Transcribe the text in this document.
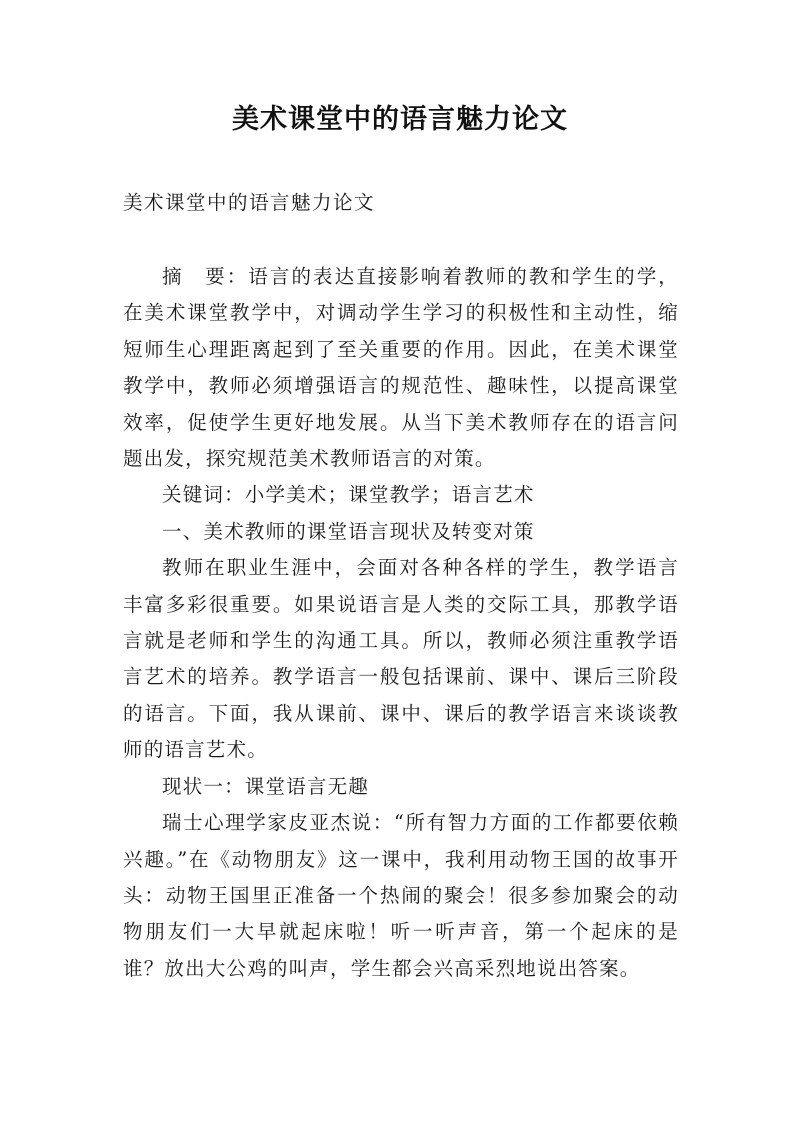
美术课堂中的语言魅力论文
美术课堂中的语言魅力论文

摘　要：语言的表达直接影响着教师的教和学生的学，在美术课堂教学中，对调动学生学习的积极性和主动性，缩短师生心理距离起到了至关重要的作用。因此，在美术课堂教学中，教师必须增强语言的规范性、趣味性，以提高课堂效率，促使学生更好地发展。从当下美术教师存在的语言问题出发，探究规范美术教师语言的对策。

关键词：小学美术；课堂教学；语言艺术

一、美术教师的课堂语言现状及转变对策

教师在职业生涯中，会面对各种各样的学生，教学语言丰富多彩很重要。如果说语言是人类的交际工具，那教学语言就是老师和学生的沟通工具。所以，教师必须注重教学语言艺术的培养。教学语言一般包括课前、课中、课后三阶段的语言。下面，我从课前、课中、课后的教学语言来谈谈教师的语言艺术。

现状一：课堂语言无趣

瑞士心理学家皮亚杰说：“所有智力方面的工作都要依赖兴趣。”在《动物朋友》这一课中，我利用动物王国的故事开头：动物王国里正准备一个热闹的聚会！很多参加聚会的动物朋友们一大早就起床啦！听一听声音，第一个起床的是谁？放出大公鸡的叫声，学生都会兴高采烈地说出答案。
